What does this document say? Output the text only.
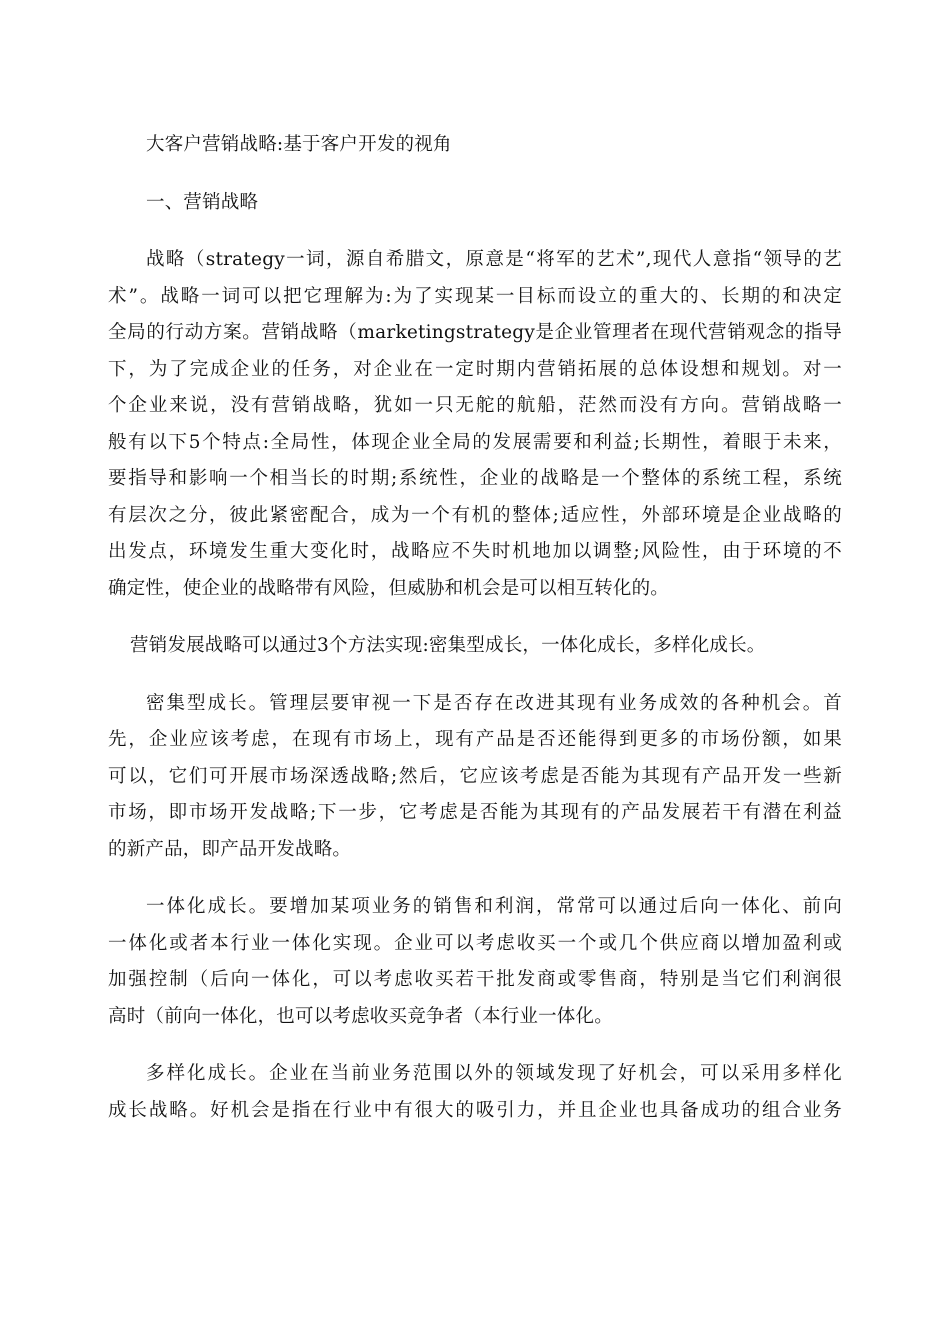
大客户营销战略:基于客户开发的视角
一、营销战略
战略（strategy一词，源自希腊文，原意是“将军的艺术”,现代人意指“领导的艺
术”。战略一词可以把它理解为:为了实现某一目标而设立的重大的、长期的和决定
全局的行动方案。营销战略（marketingstrategy是企业管理者在现代营销观念的指导
下，为了完成企业的任务，对企业在一定时期内营销拓展的总体设想和规划。对一
个企业来说，没有营销战略，犹如一只无舵的航船，茫然而没有方向。营销战略一
般有以下5个特点:全局性，体现企业全局的发展需要和利益;长期性，着眼于未来，
要指导和影响一个相当长的时期;系统性，企业的战略是一个整体的系统工程，系统
有层次之分，彼此紧密配合，成为一个有机的整体;适应性，外部环境是企业战略的
出发点，环境发生重大变化时，战略应不失时机地加以调整;风险性，由于环境的不
确定性，使企业的战略带有风险，但威胁和机会是可以相互转化的。
营销发展战略可以通过3个方法实现:密集型成长，一体化成长，多样化成长。
密集型成长。管理层要审视一下是否存在改进其现有业务成效的各种机会。首
先，企业应该考虑，在现有市场上，现有产品是否还能得到更多的市场份额，如果
可以，它们可开展市场深透战略;然后，它应该考虑是否能为其现有产品开发一些新
市场，即市场开发战略;下一步，它考虑是否能为其现有的产品发展若干有潜在利益
的新产品，即产品开发战略。
一体化成长。要增加某项业务的销售和利润，常常可以通过后向一体化、前向
一体化或者本行业一体化实现。企业可以考虑收买一个或几个供应商以增加盈利或
加强控制（后向一体化，可以考虑收买若干批发商或零售商，特别是当它们利润很
高时（前向一体化，也可以考虑收买竞争者（本行业一体化。
多样化成长。企业在当前业务范围以外的领域发现了好机会，可以采用多样化
成长战略。好机会是指在行业中有很大的吸引力，并且企业也具备成功的组合业务
